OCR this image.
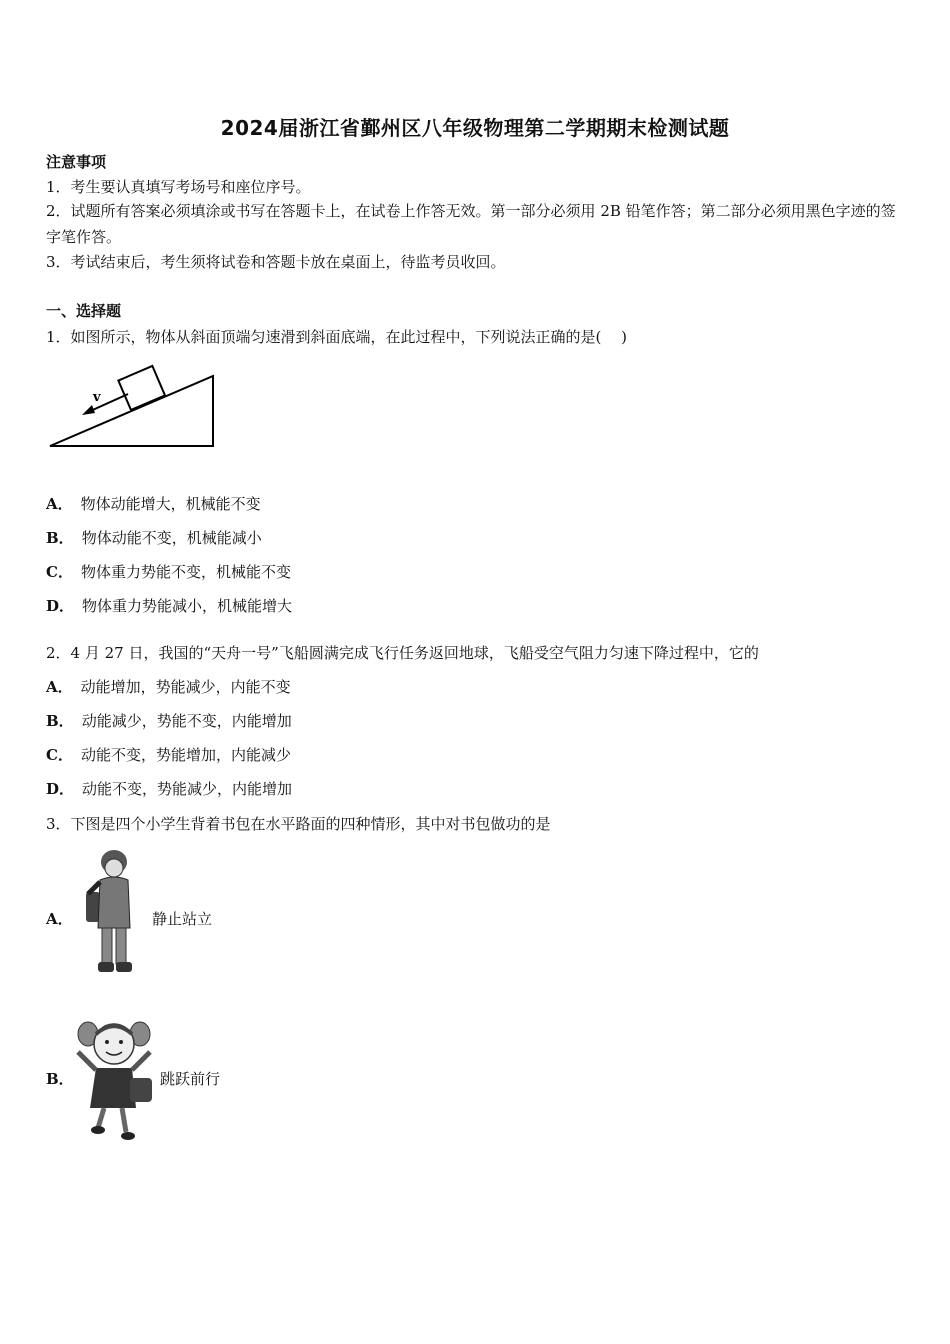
2024届浙江省鄞州区八年级物理第二学期期末检测试题
注意事项
1．考生要认真填写考场号和座位序号。
2．试题所有答案必须填涂或书写在答题卡上，在试卷上作答无效。第一部分必须用 2B 铅笔作答；第二部分必须用黑色字迹的签字笔作答。
3．考试结束后，考生须将试卷和答题卡放在桌面上，待监考员收回。
一、选择题
1．如图所示，物体从斜面顶端匀速滑到斜面底端，在此过程中，下列说法正确的是(　 )
v
A． 物体动能增大，机械能不变
B． 物体动能不变，机械能减小
C． 物体重力势能不变，机械能不变
D． 物体重力势能减小，机械能增大
2．4 月 27 日，我国的“天舟一号”飞船圆满完成飞行任务返回地球，飞船受空气阻力匀速下降过程中，它的
A． 动能增加，势能减少，内能不变
B． 动能减少，势能不变，内能增加
C． 动能不变，势能增加，内能减少
D． 动能不变，势能减少，内能增加
3．下图是四个小学生背着书包在水平路面的四种情形，其中对书包做功的是
A．	静止站立
B．	跳跃前行
